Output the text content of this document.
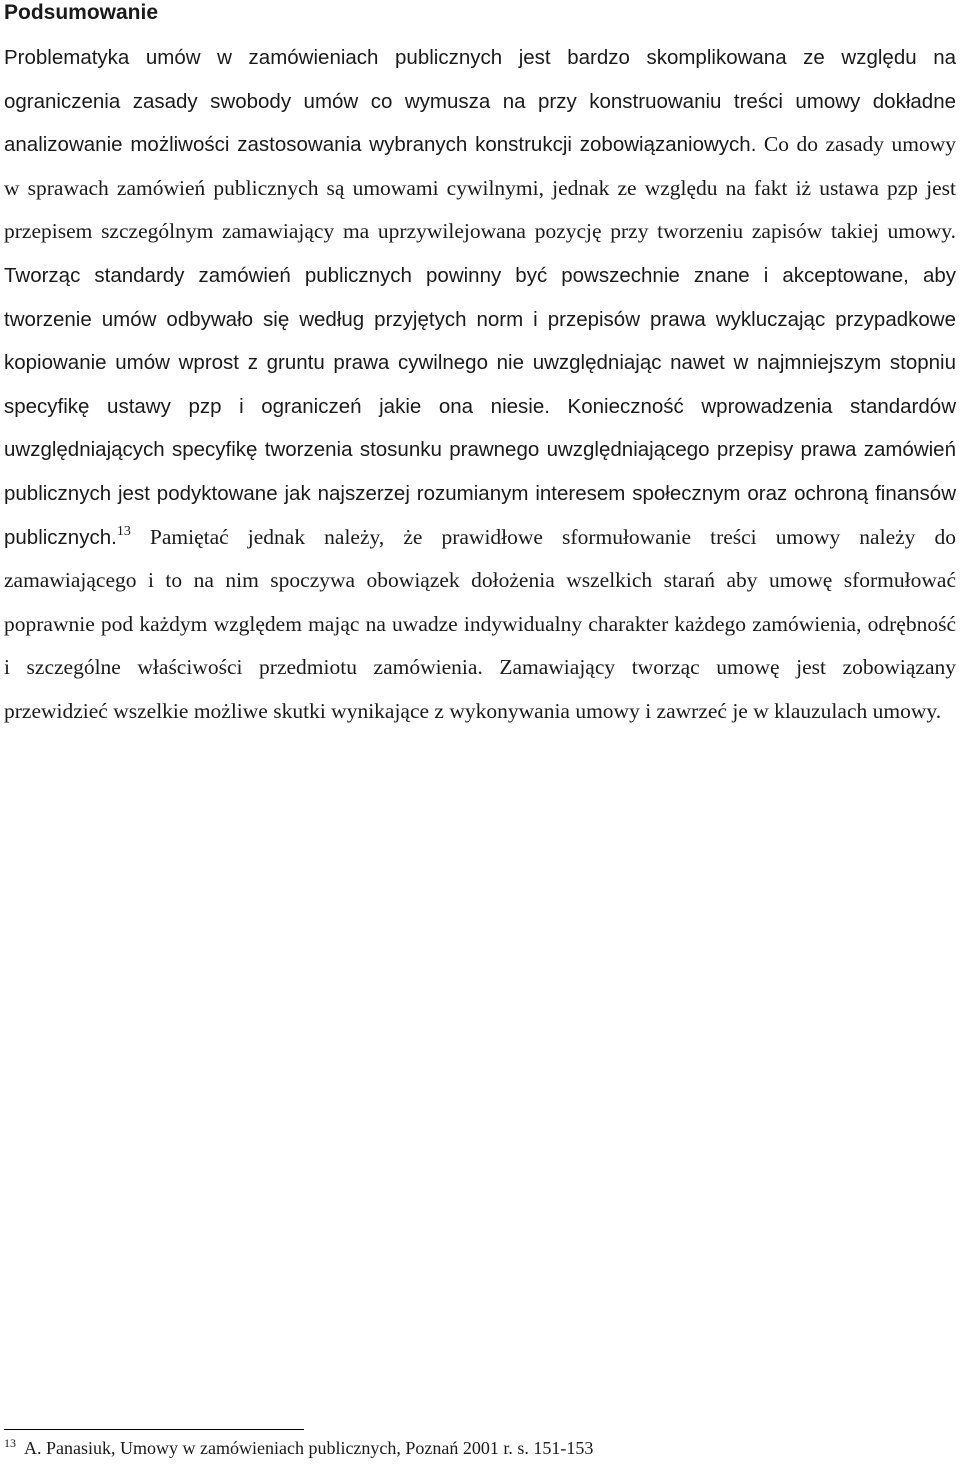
Podsumowanie

Problematyka umów w zamówieniach publicznych jest bardzo skomplikowana ze względu na ograniczenia zasady swobody umów co wymusza na przy konstruowaniu treści umowy dokładne analizowanie możliwości zastosowania wybranych konstrukcji zobowiązaniowych. Co do zasady umowy w sprawach zamówień publicznych są umowami cywilnymi, jednak ze względu na fakt iż ustawa pzp jest przepisem szczególnym zamawiający ma uprzywilejowana pozycję przy tworzeniu zapisów takiej umowy. Tworząc standardy zamówień publicznych powinny być powszechnie znane i akceptowane, aby tworzenie umów odbywało się według przyjętych norm i przepisów prawa wykluczając przypadkowe kopiowanie umów wprost z gruntu prawa cywilnego nie uwzględniając nawet w najmniejszym stopniu specyfikę ustawy pzp i ograniczeń jakie ona niesie. Konieczność wprowadzenia standardów uwzględniających specyfikę tworzenia stosunku prawnego uwzględniającego przepisy prawa zamówień publicznych jest podyktowane jak najszerzej rozumianym interesem społecznym oraz ochroną finansów publicznych.$^{13}$ Pamiętać jednak należy, że prawidłowe sformułowanie treści umowy należy do zamawiającego i to na nim spoczywa obowiązek dołożenia wszelkich starań aby umowę sformułować poprawnie pod każdym względem mając na uwadze indywidualny charakter każdego zamówienia, odrębność i szczególne właściwości przedmiotu zamówienia. Zamawiający tworząc umowę jest zobowiązany przewidzieć wszelkie możliwe skutki wynikające z wykonywania umowy i zawrzeć je w klauzulach umowy.

$^{13}$ A. Panasiuk, Umowy w zamówieniach publicznych, Poznań 2001 r. s. 151-153
